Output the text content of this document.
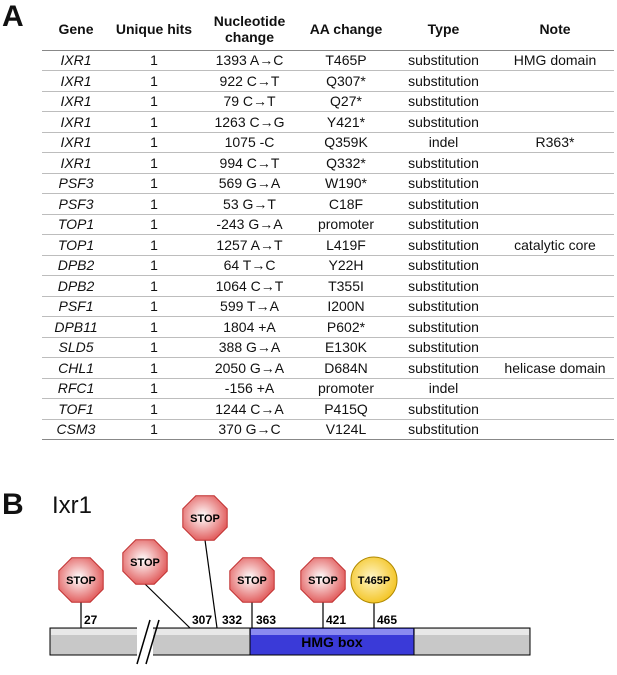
A Gene	Unique hits	Nucleotide change	AA change	Type	Note
IXR1	1	1393 A→C	T465P	substitution	HMG domain
IXR1	1	922 C→T	Q307*	substitution	
IXR1	1	79 C→T	Q27*	substitution	
IXR1	1	1263 C→G	Y421*	substitution	
IXR1	1	1075 -C	Q359K	indel	R363*
IXR1	1	994 C→T	Q332*	substitution	
PSF3	1	569 G→A	W190*	substitution	
PSF3	1	53 G→T	C18F	substitution	
TOP1	1	-243 G→A	promoter	substitution	
TOP1	1	1257 A→T	L419F	substitution	catalytic core
DPB2	1	64 T→C	Y22H	substitution	
DPB2	1	1064 C→T	T355I	substitution	
PSF1	1	599 T→A	I200N	substitution	
DPB11	1	1804 +A	P602*	substitution	
SLD5	1	388 G→A	E130K	substitution	
CHL1	1	2050 G→A	D684N	substitution	helicase domain
RFC1	1	-156 +A	promoter	indel	
TOF1	1	1244 C→A	P415Q	substitution	
CSM3	1	370 G→C	V124L	substitution	
B Ixr1
HMG box
STOP
27
STOP
307
STOP
332
STOP
363
STOP
421
T465P
465
